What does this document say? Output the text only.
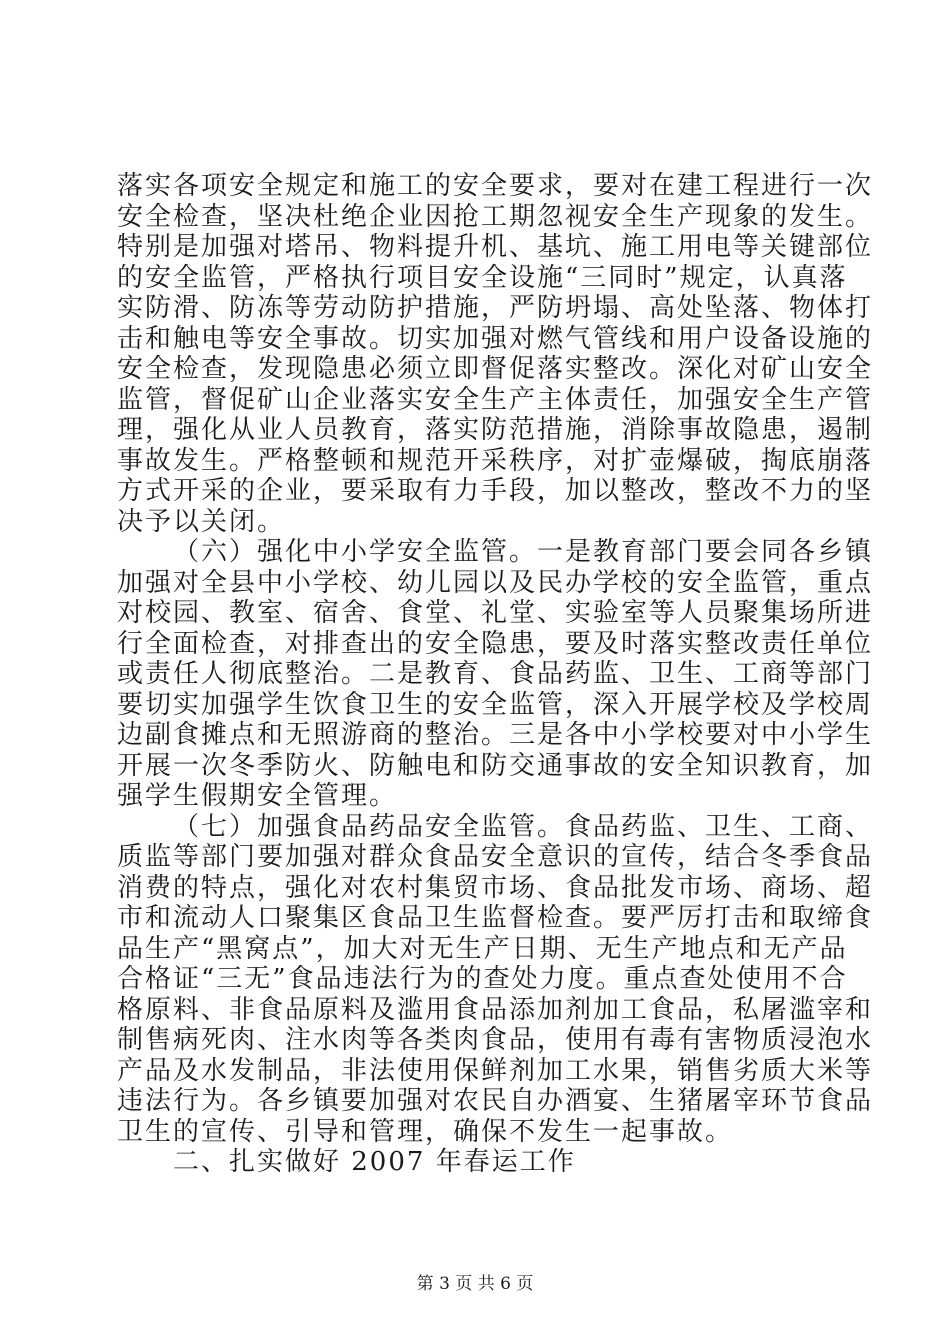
落实各项安全规定和施工的安全要求，要对在建工程进行一次
安全检查，坚决杜绝企业因抢工期忽视安全生产现象的发生。
特别是加强对塔吊、物料提升机、基坑、施工用电等关键部位
的安全监管，严格执行项目安全设施“三同时”规定，认真落
实防滑、防冻等劳动防护措施，严防坍塌、高处坠落、物体打
击和触电等安全事故。切实加强对燃气管线和用户设备设施的
安全检查，发现隐患必须立即督促落实整改。深化对矿山安全
监管，督促矿山企业落实安全生产主体责任，加强安全生产管
理，强化从业人员教育，落实防范措施，消除事故隐患，遏制
事故发生。严格整顿和规范开采秩序，对扩壶爆破，掏底崩落
方式开采的企业，要采取有力手段，加以整改，整改不力的坚
决予以关闭。
（六）强化中小学安全监管。一是教育部门要会同各乡镇
加强对全县中小学校、幼儿园以及民办学校的安全监管，重点
对校园、教室、宿舍、食堂、礼堂、实验室等人员聚集场所进
行全面检查，对排查出的安全隐患，要及时落实整改责任单位
或责任人彻底整治。二是教育、食品药监、卫生、工商等部门
要切实加强学生饮食卫生的安全监管，深入开展学校及学校周
边副食摊点和无照游商的整治。三是各中小学校要对中小学生
开展一次冬季防火、防触电和防交通事故的安全知识教育，加
强学生假期安全管理。
（七）加强食品药品安全监管。食品药监、卫生、工商、
质监等部门要加强对群众食品安全意识的宣传，结合冬季食品
消费的特点，强化对农村集贸市场、食品批发市场、商场、超
市和流动人口聚集区食品卫生监督检查。要严厉打击和取缔食
品生产“黑窝点”，加大对无生产日期、无生产地点和无产品
合格证“三无”食品违法行为的查处力度。重点查处使用不合
格原料、非食品原料及滥用食品添加剂加工食品，私屠滥宰和
制售病死肉、注水肉等各类肉食品，使用有毒有害物质浸泡水
产品及水发制品，非法使用保鲜剂加工水果，销售劣质大米等
违法行为。各乡镇要加强对农民自办酒宴、生猪屠宰环节食品
卫生的宣传、引导和管理，确保不发生一起事故。
二、扎实做好 2007 年春运工作
第 3 页 共 6 页
